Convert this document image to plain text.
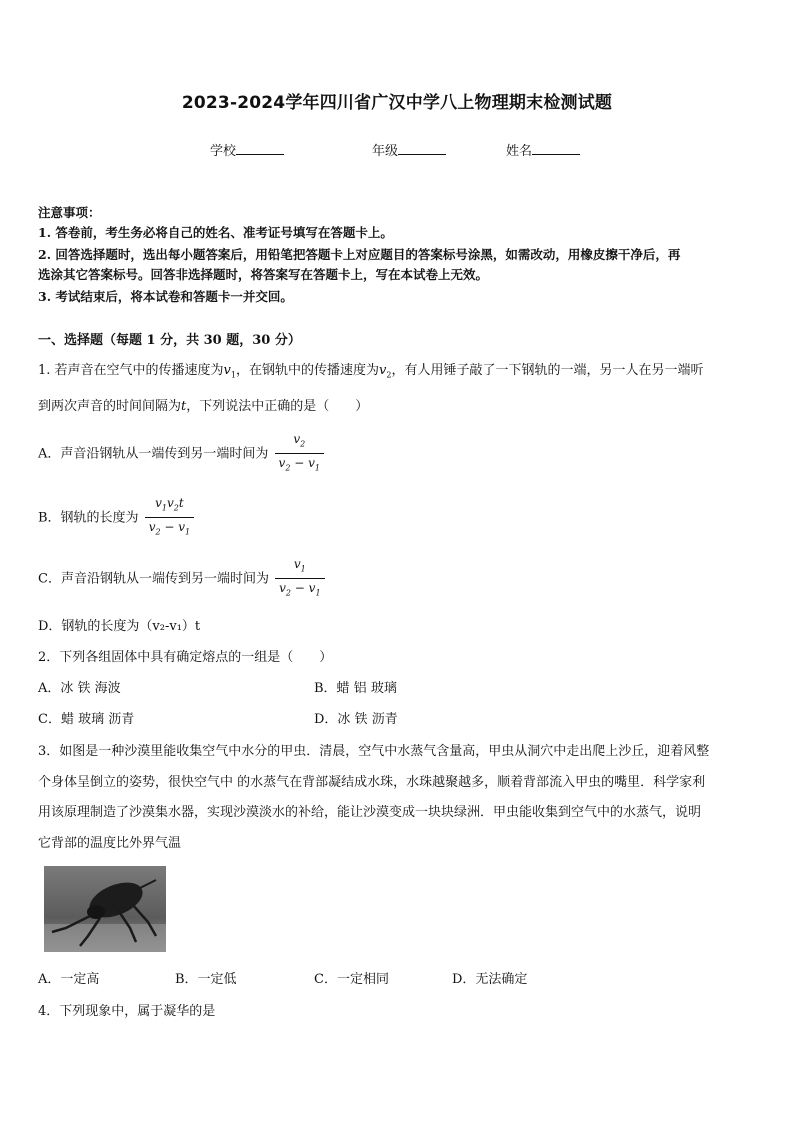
2023-2024学年四川省广汉中学八上物理期末检测试题
学校	年级	姓名
注意事项：
1. 答卷前，考生务必将自己的姓名、准考证号填写在答题卡上。
2. 回答选择题时，选出每小题答案后，用铅笔把答题卡上对应题目的答案标号涂黑，如需改动，用橡皮擦干净后，再
选涂其它答案标号。回答非选择题时，将答案写在答题卡上，写在本试卷上无效。
3. 考试结束后，将本试卷和答题卡一并交回。
一、选择题（每题 1 分，共 30 题，30 分）
1. 若声音在空气中的传播速度为$v_1$，在钢轨中的传播速度为$v_2$，有人用锤子敲了一下钢轨的一端，另一人在另一端听
到两次声音的时间间隔为t，下列说法中正确的是（　　）
A．声音沿钢轨从一端传到另一端时间为 $\frac{v_2}{v_2 - v_1}$
B．钢轨的长度为 $\frac{v_1v_2t}{v_2 - v_1}$
C．声音沿钢轨从一端传到另一端时间为 $\frac{v_1}{v_2 - v_1}$
D．钢轨的长度为（v₂-v₁）t
2．下列各组固体中具有确定熔点的一组是（　　）
A．冰 铁 海波	B．蜡 铝 玻璃
C．蜡 玻璃 沥青	D．冰 铁 沥青
3．如图是一种沙漠里能收集空气中水分的甲虫．清晨，空气中水蒸气含量高，甲虫从洞穴中走出爬上沙丘，迎着风整
个身体呈倒立的姿势，很快空气中 的水蒸气在背部凝结成水珠，水珠越聚越多，顺着背部流入甲虫的嘴里．科学家利
用该原理制造了沙漠集水器，实现沙漠淡水的补给，能让沙漠变成一块块绿洲．甲虫能收集到空气中的水蒸气，说明
它背部的温度比外界气温
A．一定高	B．一定低	C．一定相同	D．无法确定
4．下列现象中，属于凝华的是
